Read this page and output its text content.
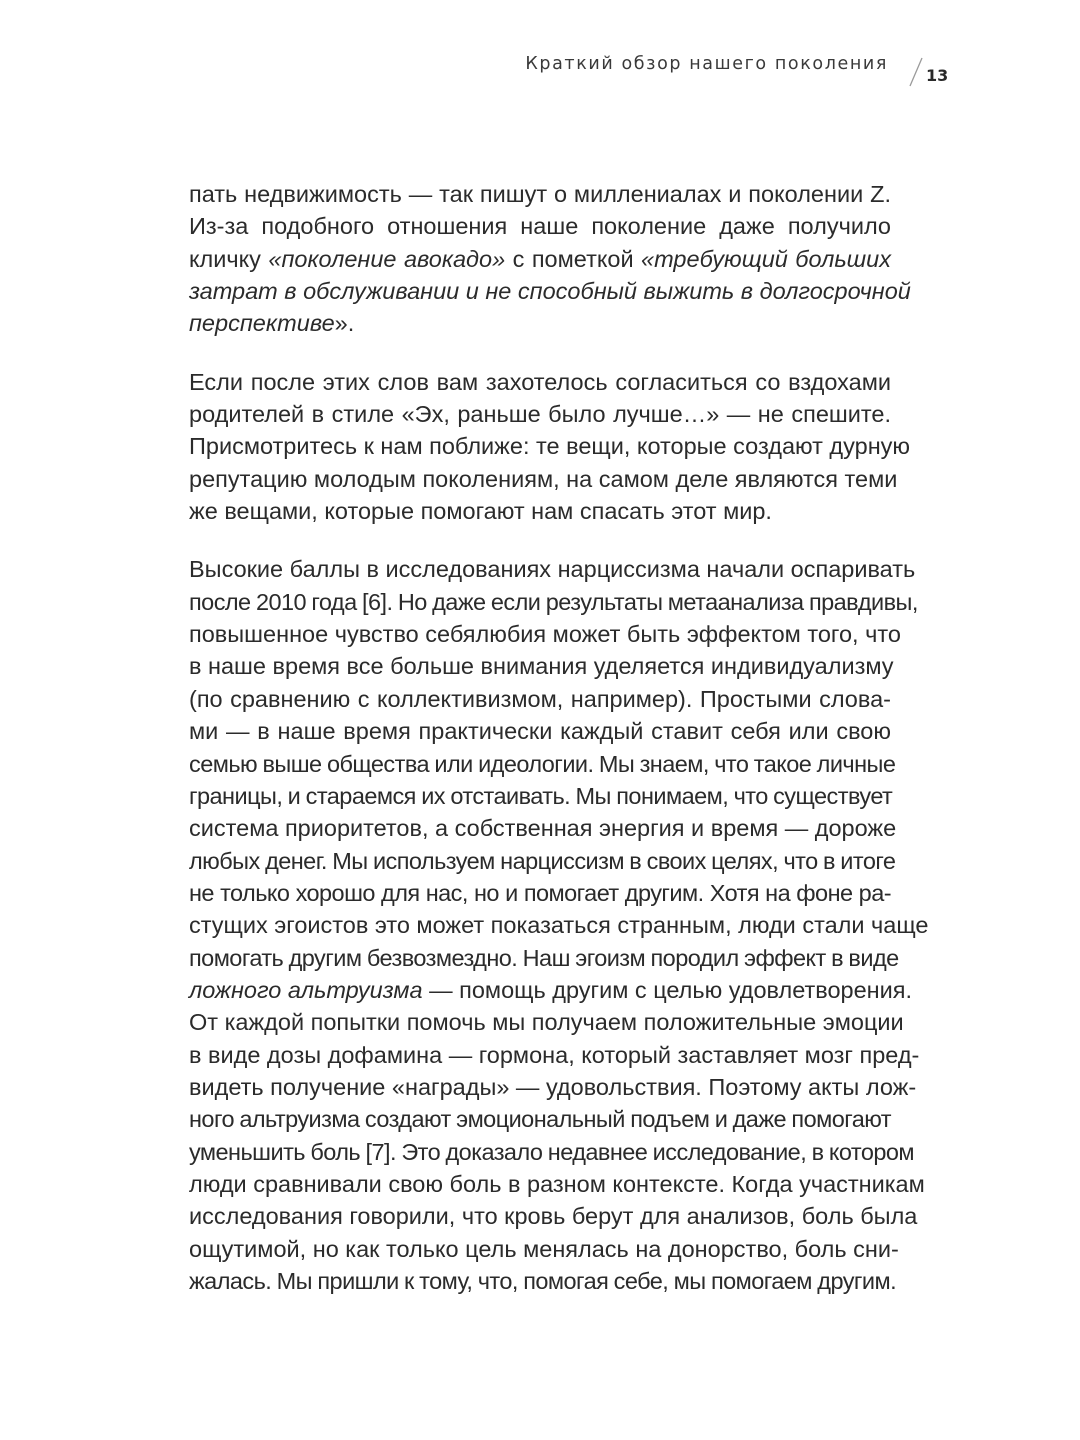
Краткий обзор нашего поколения
13

пать недвижимость — так пишут о миллениалах и поколении Z.
Из-за подобного отношения наше поколение даже получило
кличку «поколение авокадо» с пометкой «требующий больших
затрат в обслуживании и не способный выжить в долгосрочной
перспективе».

Если после этих слов вам захотелось согласиться со вздохами
родителей в стиле «Эх, раньше было лучше…» — не спешите.
Присмотритесь к нам поближе: те вещи, которые создают дурную
репутацию молодым поколениям, на самом деле являются теми
же вещами, которые помогают нам спасать этот мир.

Высокие баллы в исследованиях нарциссизма начали оспаривать
после 2010 года [6]. Но даже если результаты метаанализа правдивы,
повышенное чувство себялюбия может быть эффектом того, что
в наше время все больше внимания уделяется индивидуализму
(по сравнению с коллективизмом, например). Простыми слова-
ми — в наше время практически каждый ставит себя или свою
семью выше общества или идеологии. Мы знаем, что такое личные
границы, и стараемся их отстаивать. Мы понимаем, что существует
система приоритетов, а собственная энергия и время — дороже
любых денег. Мы используем нарциссизм в своих целях, что в итоге
не только хорошо для нас, но и помогает другим. Хотя на фоне ра-
стущих эгоистов это может показаться странным, люди стали чаще
помогать другим безвозмездно. Наш эгоизм породил эффект в виде
ложного альтруизма — помощь другим с целью удовлетворения.
От каждой попытки помочь мы получаем положительные эмоции
в виде дозы дофамина — гормона, который заставляет мозг пред-
видеть получение «награды» — удовольствия. Поэтому акты лож-
ного альтруизма создают эмоциональный подъем и даже помогают
уменьшить боль [7]. Это доказало недавнее исследование, в котором
люди сравнивали свою боль в разном контексте. Когда участникам
исследования говорили, что кровь берут для анализов, боль была
ощутимой, но как только цель менялась на донорство, боль сни-
жалась. Мы пришли к тому, что, помогая себе, мы помогаем другим.
